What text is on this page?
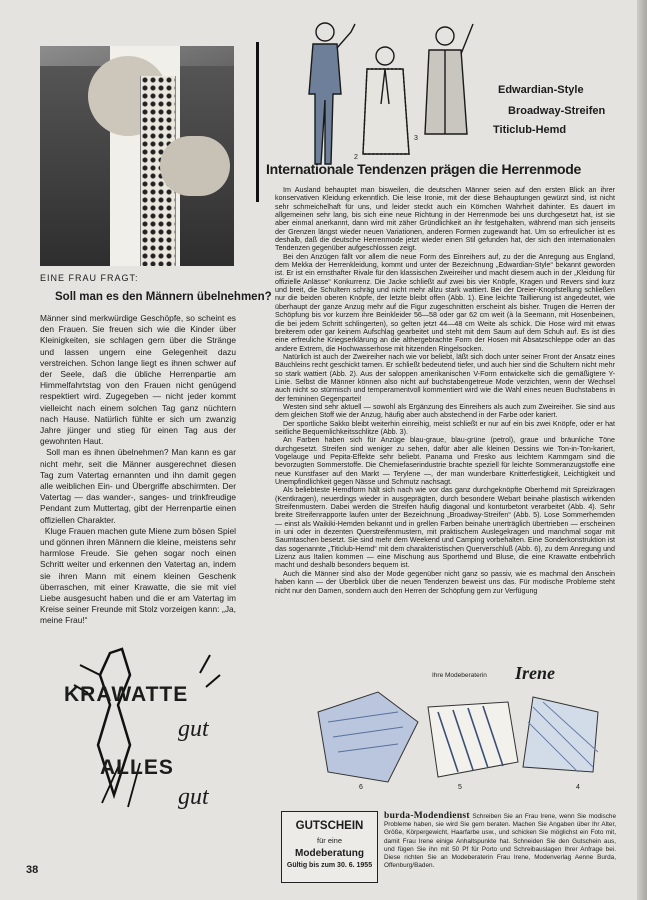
EINE FRAU FRAGT:
Soll man es den Männern übelnehmen?
Männer sind merkwürdige Geschöpfe, so scheint es den Frauen. Sie freuen sich wie die Kinder über Kleinigkeiten, sie schlagen gern über die Stränge und lassen ungern eine Gelegenheit dazu verstreichen. Schon lange liegt es ihnen schwer auf der Seele, daß die übliche Herrenpartie am Himmelfahrtstag von den Frauen nicht genügend respektiert wird. Zugegeben — nicht jeder kommt vielleicht nach einem solchen Tag ganz nüchtern nach Hause. Natürlich fühlte er sich um zwanzig Jahre jünger und stieg für einen Tag aus der gewohnten Haut.
Soll man es ihnen übelnehmen? Man kann es gar nicht mehr, seit die Männer ausgerechnet diesen Tag zum Vatertag ernannten und ihn damit gegen alle weiblichen Ein- und Übergriffe abschirmten. Der Vatertag — das wander-, sanges- und trinkfreudige Pendant zum Muttertag, gibt der Herrenpartie einen offiziellen Charakter.
Kluge Frauen machen gute Miene zum bösen Spiel und gönnen ihren Männern die kleine, meistens sehr harmlose Freude. Sie gehen sogar noch einen Schritt weiter und erkennen den Vatertag an, indem sie ihren Mann mit einem kleinen Geschenk überraschen, mit einer Krawatte, die sie mit viel Liebe ausgesucht haben und die er am Vatertag im Kreise seiner Freunde mit Stolz vorzeigen kann: „Ja, meine Frau!“
KRAWATTE
gut
ALLES
gut
38
2
3
Edwardian-Style
Broadway-Streifen
Titiclub-Hemd
Internationale Tendenzen prägen die Herrenmode

Im Ausland behauptet man bisweilen, die deutschen Männer seien auf den ersten Blick an ihrer konservativen Kleidung erkenntlich. Die leise Ironie, mit der diese Behauptungen gewürzt sind, ist nicht sehr schmeichelhaft für uns, und leider steckt auch ein Körnchen Wahrheit dahinter. Es dauert im allgemeinen sehr lang, bis sich eine neue Richtung in der Herrenmode bei uns durchgesetzt hat, ist sie aber einmal anerkannt, dann wird mit zäher Gründlichkeit an ihr festgehalten, während man sich jenseits der Grenzen längst wieder neuen Variationen, anderen Formen zugewandt hat. Um so erfreulicher ist es deshalb, daß die deutsche Herrenmode jetzt wieder einen Stil gefunden hat, der sich den internationalen Tendenzen gegenüber aufgeschlossen zeigt.

Bei den Anzügen fällt vor allem die neue Form des Einreihers auf, zu der die Anregung aus England, dem Mekka der Herrenkleidung, kommt und unter der Bezeichnung „Edwardian-Style“ bekannt geworden ist. Er ist ein ernsthafter Rivale für den klassischen Zweireiher und macht diesem auch in der „Kleidung für offizielle Anlässe“ Konkurrenz. Die Jacke schließt auf zwei bis vier Knöpfe, Kragen und Revers sind kurz und breit, die Schultern schräg und nicht mehr allzu stark wattiert. Bei der Dreier-Knopfstellung schließen nur die beiden oberen Knöpfe, der letzte bleibt offen (Abb. 1). Eine leichte Taillierung ist angedeutet, wie überhaupt der ganze Anzug mehr auf die Figur zugeschnitten erscheint als bisher. Trugen die Herren der Schöpfung bis vor kurzem ihre Beinkleider 56—58 oder gar 62 cm weit (à la Seemann, mit Hosenbeinen, die bei jedem Schritt schlingerten), so gelten jetzt 44—48 cm Weite als schick. Die Hose wird mit etwas breiterem oder gar keinem Aufschlag gearbeitet und steht mit dem Saum auf dem Schuh auf. Es ist dies eine erfreuliche Kriegserklärung an die althergebrachte Form der Hosen mit Absatzschleppe oder an das andere Extrem, die Hochwasserhose mit hitzenden Ringelsocken.

Natürlich ist auch der Zweireiher nach wie vor beliebt, läßt sich doch unter seiner Front der Ansatz eines Bäuchleins recht geschickt tarnen. Er schließt bedeutend tiefer, und auch hier sind die Schultern nicht mehr so stark wattiert (Abb. 2). Aus der saloppen amerikanischen V-Form entwickelte sich die gemäßigtere Y-Linie. Selbst die Männer können also nicht auf buchstabengetreue Mode verzichten, wenn der Wechsel auch nicht so stürmisch und temperamentvoll kommentiert wird wie die Wahl eines neuen Buchstabens in der femininen Gegenpartei!

Westen sind sehr aktuell — sowohl als Ergänzung des Einreihers als auch zum Zweireiher. Sie sind aus dem gleichen Stoff wie der Anzug, häufig aber auch abstechend in der Farbe oder kariert.

Der sportliche Sakko bleibt weiterhin einreihig, meist schließt er nur auf ein bis zwei Knöpfe, oder er hat seitliche Bequemlichkeitsschlitze (Abb. 3).

An Farben haben sich für Anzüge blau-graue, blau-grüne (petrol), graue und bräunliche Töne durchgesetzt. Streifen sind weniger zu sehen, dafür aber alle kleinen Dessins wie Ton-in-Ton-kariert, Vogelauge und Pepita-Effekte sehr beliebt. Panama und Fresko aus leichtem Kammgarn sind die bevorzugten Sommerstoffe. Die Chemiefaserindustrie brachte speziell für leichte Sommeranzugstoffe eine neue Kunstfaser auf den Markt — Terylene —, der man wunderbare Knitterfestigkeit, Leichtigkeit und Unempfindlichkeit gegen Nässe und Schmutz nachsagt.

Als beliebteste Hemdform hält sich nach wie vor das ganz durchgeknöpfte Oberhemd mit Spreizkragen (Kentkragen), neuerdings wieder in ausgeprägten, durch besondere Webart beinahe plastisch wirkenden Streifenmustern. Dabei werden die Streifen häufig diagonal und konturbetont verarbeitet (Abb. 4). Sehr breite Streifenrapporte laufen unter der Bezeichnung „Broadway-Streifen“ (Abb. 5). Lose Sommerhemden — einst als Waikiki-Hemden bekannt und in grellen Farben beinahe unerträglich übertrieben — erscheinen in uni oder in dezenten Querstreifenmustern, mit praktischem Auslegekragen und manchmal sogar mit Saumtaschen besetzt. Sie sind mehr dem Weekend und Camping vorbehalten. Eine Sonderkonstruktion ist das sogenannte „Titiclub-Hemd“ mit dem charakteristischen Querverschluß (Abb. 6), zu dem Anregung und Lizenz aus Italien kommen — eine Mischung aus Sporthemd und Bluse, die eine Krawatte entbehrlich macht und deshalb besonders bequem ist.

Auch die Männer sind also der Mode gegenüber nicht ganz so passiv, wie es machmal den Anschein haben kann — der Überblick über die neuen Tendenzen beweist uns das. Für modische Probleme steht nicht nur den Damen, sondern auch den Herren der Schöpfung gern zur Verfügung

Ihre Modeberaterin Irene
6	5	4
GUTSCHEIN
für eine
Modeberatung
Gültig bis zum 30. 6. 1955
burda-Modendienst Schreiben Sie an Frau Irene, wenn Sie modische Probleme haben, sie wird Sie gern beraten. Machen Sie Angaben über Ihr Alter, Größe, Körpergewicht, Haarfarbe usw., und schicken Sie möglichst ein Foto mit, damit Frau Irene einige Anhaltspunkte hat. Schneiden Sie den Gutschein aus, und fügen Sie ihn mit 50 Pf für Porto und Schreibauslagen Ihrer Anfrage bei. Diese richten Sie an Modeberaterin Frau Irene, Modenverlag Aenne Burda, Offenburg/Baden.
